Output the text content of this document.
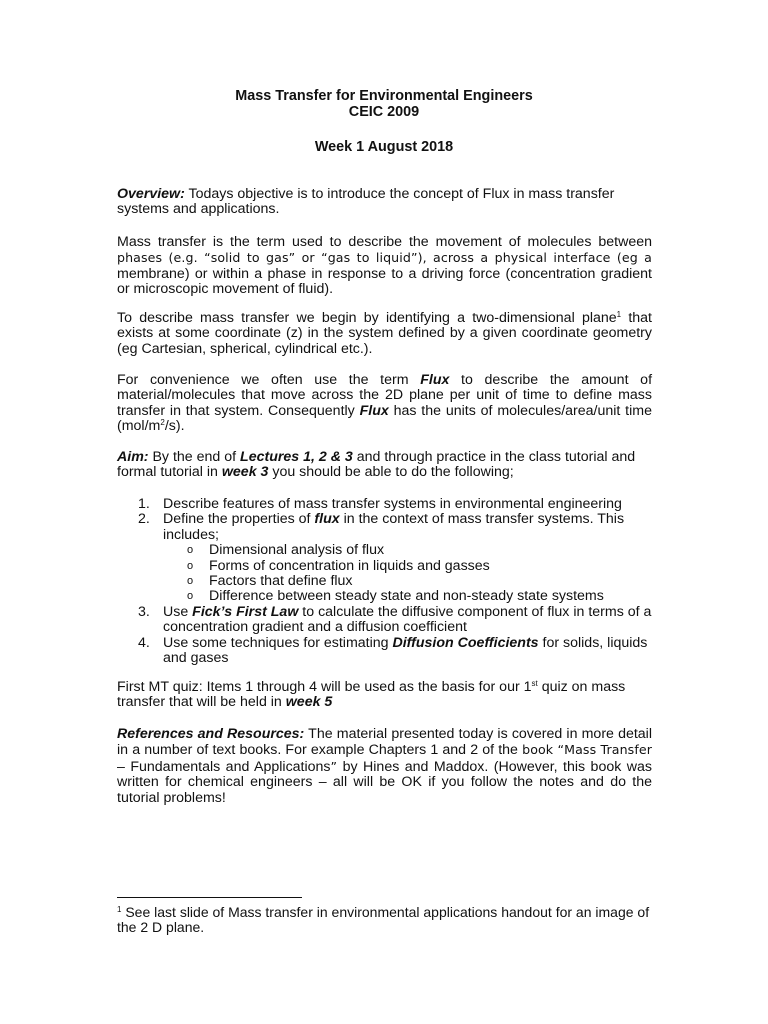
Mass Transfer for Environmental Engineers
CEIC 2009
Week 1 August 2018
Overview: Todays objective is to introduce the concept of Flux in mass transfer systems and applications.
Mass transfer is the term used to describe the movement of molecules between phases (e.g. “solid to gas” or “gas to liquid”), across a physical interface (eg a membrane) or within a phase in response to a driving force (concentration gradient or microscopic movement of fluid).
To describe mass transfer we begin by identifying a two-dimensional plane$^1$ that exists at some coordinate (z) in the system defined by a given coordinate geometry (eg Cartesian, spherical, cylindrical etc.).
For convenience we often use the term Flux to describe the amount of material/molecules that move across the 2D plane per unit of time to define mass transfer in that system. Consequently Flux has the units of molecules/area/unit time $(mol/m^2/s)$.
Aim: By the end of Lectures 1, 2 & 3 and through practice in the class tutorial and formal tutorial in week 3 you should be able to do the following;
1. Describe features of mass transfer systems in environmental engineering
2. Define the properties of flux in the context of mass transfer systems. This includes;
o Dimensional analysis of flux
o Forms of concentration in liquids and gasses
o Factors that define flux
o Difference between steady state and non-steady state systems
3. Use Fick’s First Law to calculate the diffusive component of flux in terms of a concentration gradient and a diffusion coefficient
4. Use some techniques for estimating Diffusion Coefficients for solids, liquids and gases
First MT quiz: Items 1 through 4 will be used as the basis for our 1st quiz on mass transfer that will be held in week 5
References and Resources: The material presented today is covered in more detail in a number of text books. For example Chapters 1 and 2 of the book “Mass Transfer – Fundamentals and Applications” by Hines and Maddox. (However, this book was written for chemical engineers – all will be OK if you follow the notes and do the tutorial problems!
$^1$ See last slide of Mass transfer in environmental applications handout for an image of the 2 D plane.
